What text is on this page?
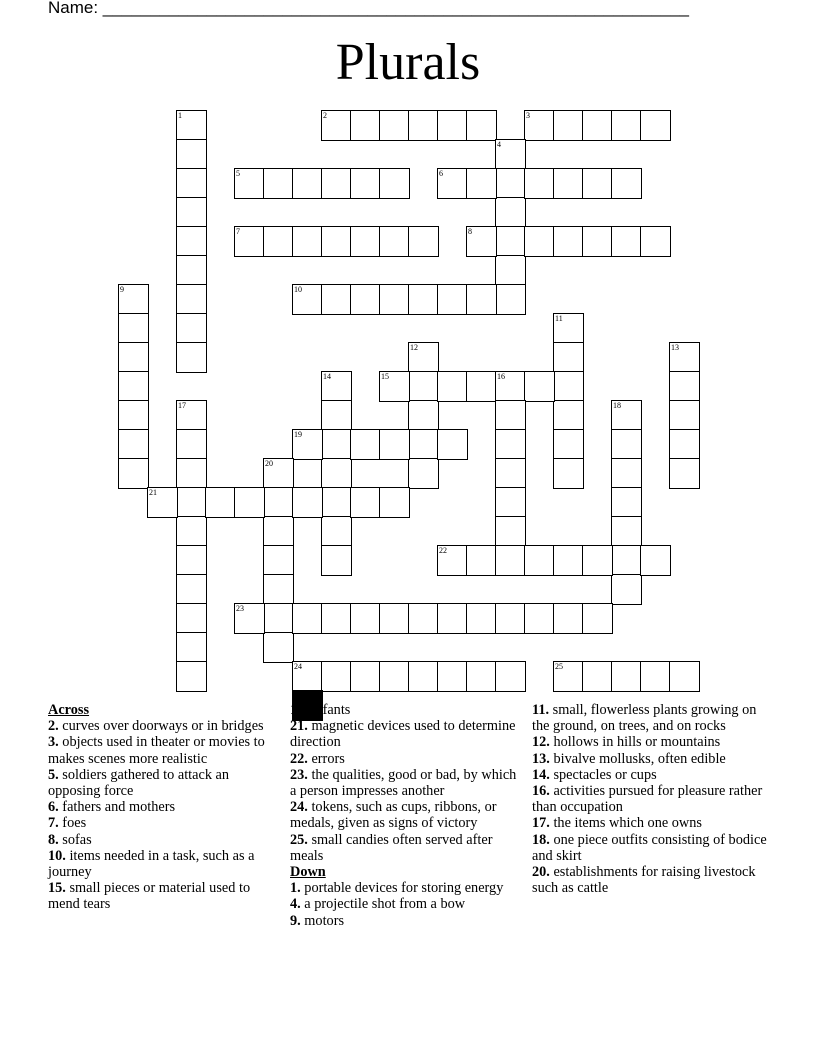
Name: ______________________________________________________________
Plurals
1	2	3
4
5	6
7	8
9	10
11
12	13
14	15	16
17	18
19
20
21
22
23
24	25

Across

2. curves over doorways or in bridges

3. objects used in theater or movies to makes scenes more realistic

5. soldiers gathered to attack an opposing force

6. fathers and mothers

7. foes

8. sofas

10. items needed in a task, such as a journey

15. small pieces or material used to mend tears

19. infants

21. magnetic devices used to determine direction

22. errors

23. the qualities, good or bad, by which a person impresses another

24. tokens, such as cups, ribbons, or medals, given as signs of victory

25. small candies often served after meals

Down

1. portable devices for storing energy

4. a projectile shot from a bow

9. motors

11. small, flowerless plants growing on the ground, on trees, and on rocks

12. hollows in hills or mountains

13. bivalve mollusks, often edible

14. spectacles or cups

16. activities pursued for pleasure rather than occupation

17. the items which one owns

18. one piece outfits consisting of bodice and skirt

20. establishments for raising livestock such as cattle
